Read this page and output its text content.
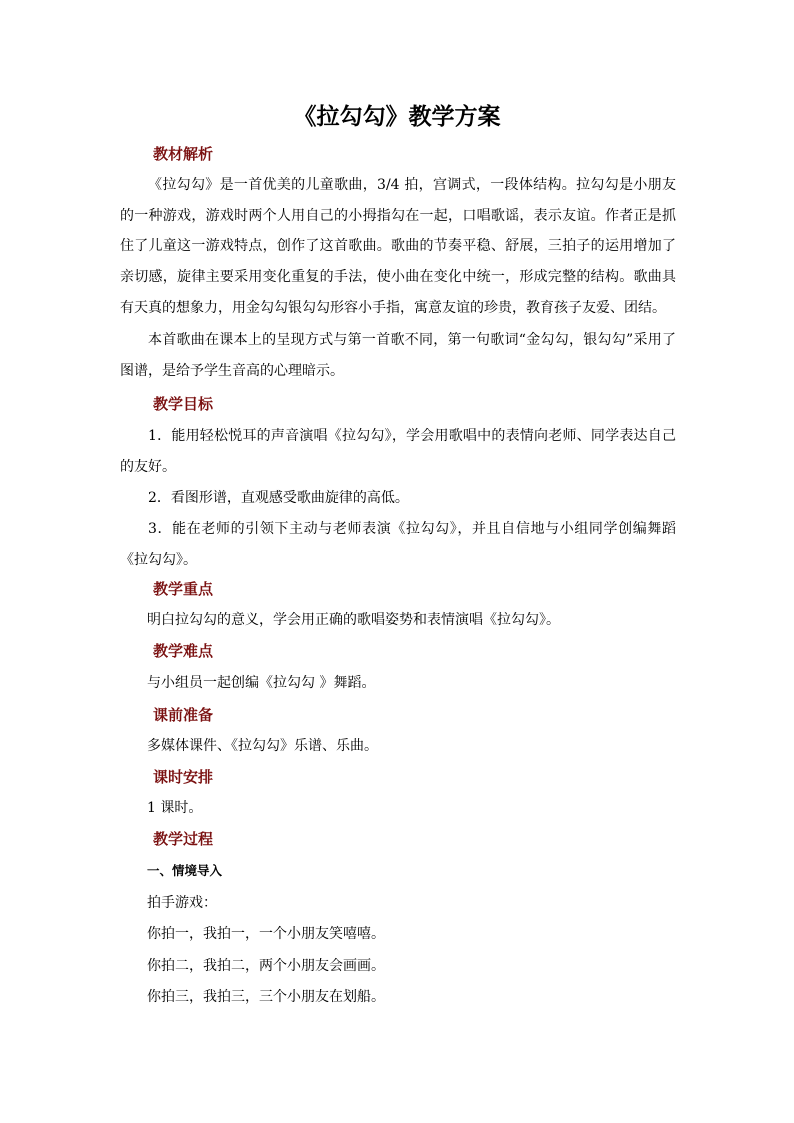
《拉勾勾》教学方案
教材解析
《拉勾勾》是一首优美的儿童歌曲，3/4 拍，宫调式，一段体结构。拉勾勾是小朋友的一种游戏，游戏时两个人用自己的小拇指勾在一起，口唱歌谣，表示友谊。作者正是抓住了儿童这一游戏特点，创作了这首歌曲。歌曲的节奏平稳、舒展，三拍子的运用增加了亲切感，旋律主要采用变化重复的手法，使小曲在变化中统一，形成完整的结构。歌曲具有天真的想象力，用金勾勾银勾勾形容小手指，寓意友谊的珍贵，教育孩子友爱、团结。
本首歌曲在课本上的呈现方式与第一首歌不同，第一句歌词“金勾勾，银勾勾”采用了图谱，是给予学生音高的心理暗示。
教学目标
1．能用轻松悦耳的声音演唱《拉勾勾》，学会用歌唱中的表情向老师、同学表达自己的友好。
2．看图形谱，直观感受歌曲旋律的高低。
3．能在老师的引领下主动与老师表演《拉勾勾》，并且自信地与小组同学创编舞蹈《拉勾勾》。
教学重点
明白拉勾勾的意义，学会用正确的歌唱姿势和表情演唱《拉勾勾》。
教学难点
与小组员一起创编《拉勾勾 》舞蹈。
课前准备
多媒体课件、《拉勾勾》乐谱、乐曲。
课时安排
1 课时。
教学过程
一、情境导入
拍手游戏：
你拍一，我拍一，一个小朋友笑嘻嘻。
你拍二，我拍二，两个小朋友会画画。
你拍三，我拍三，三个小朋友在划船。
